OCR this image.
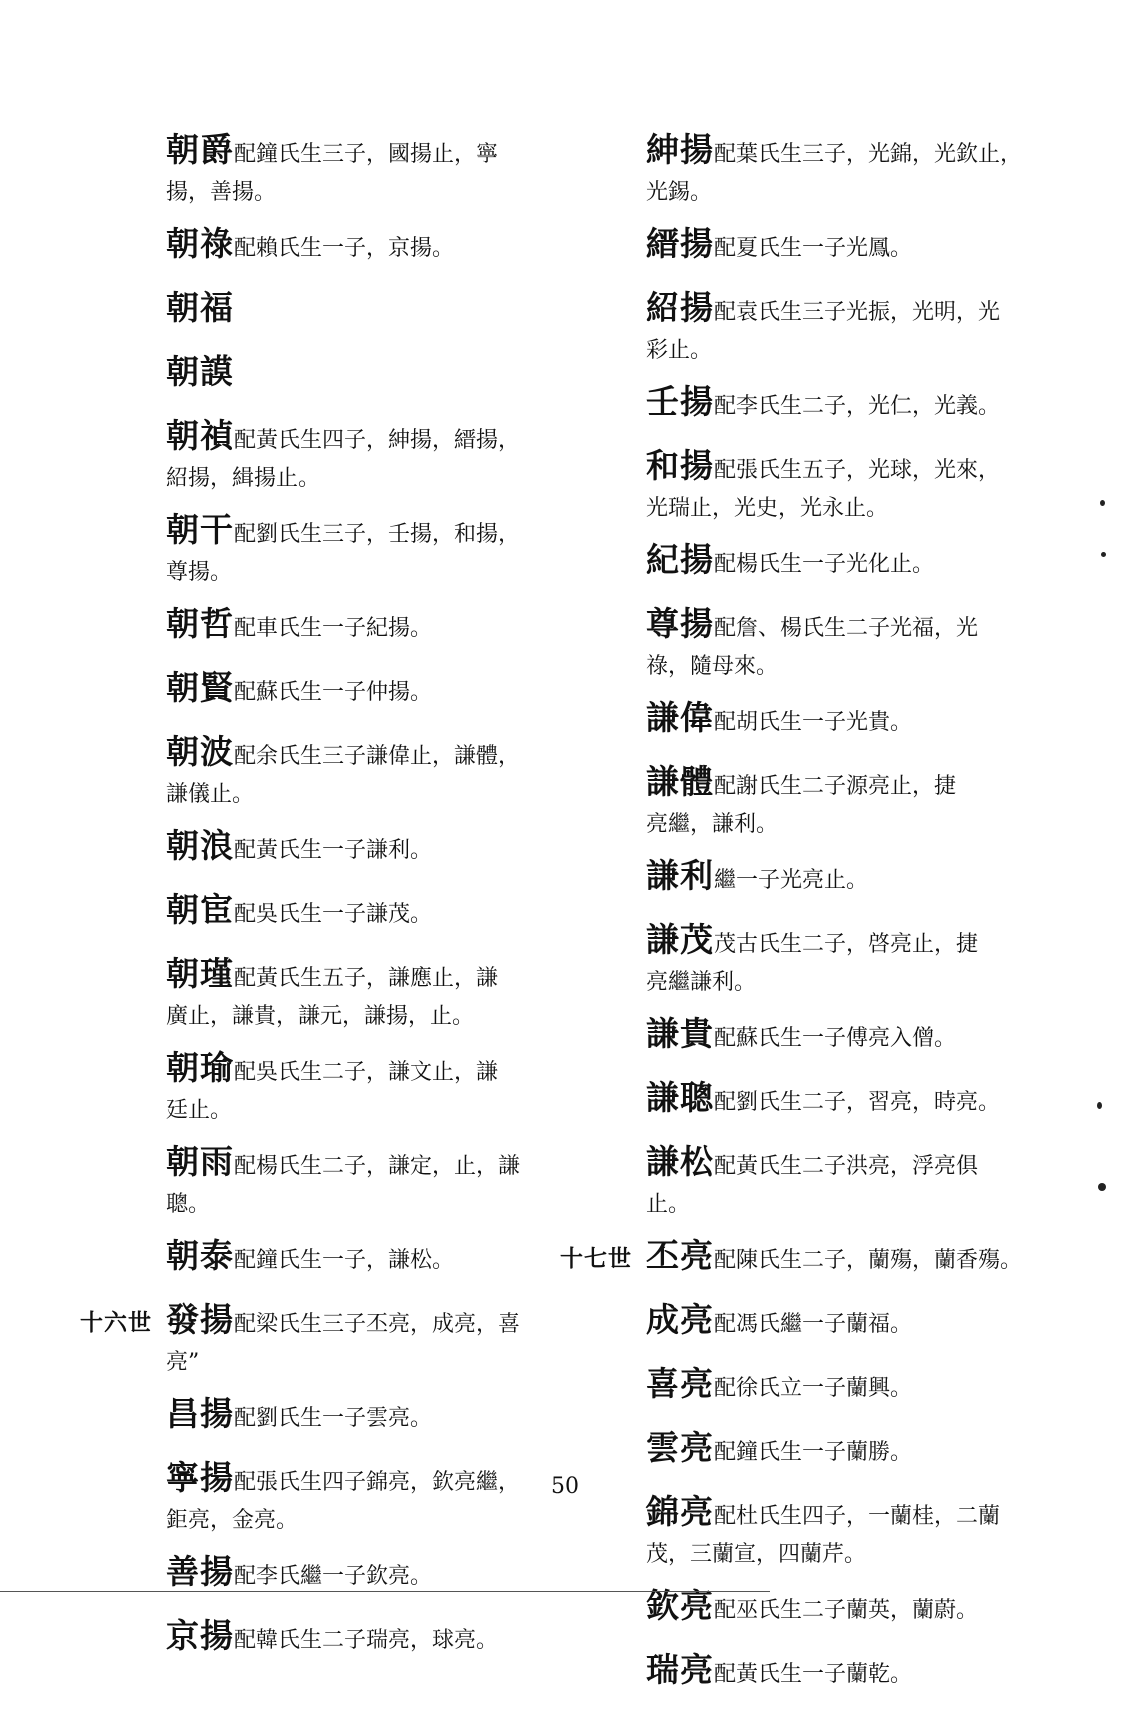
朝爵配鐘氏生三子，國揚止，寧
揚，善揚。
朝祿配賴氏生一子，京揚。
朝福
朝謨
朝禎配黃氏生四子，紳揚，縉揚，
紹揚，緝揚止。
朝干配劉氏生三子，壬揚，和揚，
尊揚。
朝哲配車氏生一子紀揚。
朝賢配蘇氏生一子仲揚。
朝波配余氏生三子謙偉止，謙體，
謙儀止。
朝浪配黃氏生一子謙利。
朝宦配吳氏生一子謙茂。
朝瑾配黃氏生五子，謙應止，謙
廣止，謙貴，謙元，謙揚，止。
朝瑜配吳氏生二子，謙文止，謙
廷止。
朝雨配楊氏生二子，謙定，止，謙
聰。
朝泰配鐘氏生一子，謙松。
十六世 發揚配梁氏生三子丕亮，成亮，喜
亮”
昌揚配劉氏生一子雲亮。
寧揚配張氏生四子錦亮，欽亮繼，
鉅亮，金亮。
善揚配李氏繼一子欽亮。
京揚配韓氏生二子瑞亮，球亮。
紳揚配葉氏生三子，光錦，光欽止，
光錫。
縉揚配夏氏生一子光鳳。
紹揚配袁氏生三子光振，光明，光
彩止。
壬揚配李氏生二子，光仁，光義。
和揚配張氏生五子，光球，光來，
光瑞止，光史，光永止。
紀揚配楊氏生一子光化止。
尊揚配詹、楊氏生二子光福，光
祿，隨母來。
謙偉配胡氏生一子光貴。
謙體配謝氏生二子源亮止，捷
亮繼，謙利。
謙利繼一子光亮止。
謙茂茂古氏生二子，啓亮止，捷
亮繼謙利。
謙貴配蘇氏生一子傅亮入僧。
謙聰配劉氏生二子，習亮，時亮。
謙松配黃氏生二子洪亮，浮亮俱
止。
十七世 丕亮配陳氏生二子，蘭殤，蘭香殤。
成亮配馮氏繼一子蘭福。
喜亮配徐氏立一子蘭興。
雲亮配鐘氏生一子蘭勝。
錦亮配杜氏生四子，一蘭桂，二蘭
茂，三蘭宣，四蘭芹。
欽亮配巫氏生二子蘭英，蘭蔚。
瑞亮配黃氏生一子蘭乾。
50
